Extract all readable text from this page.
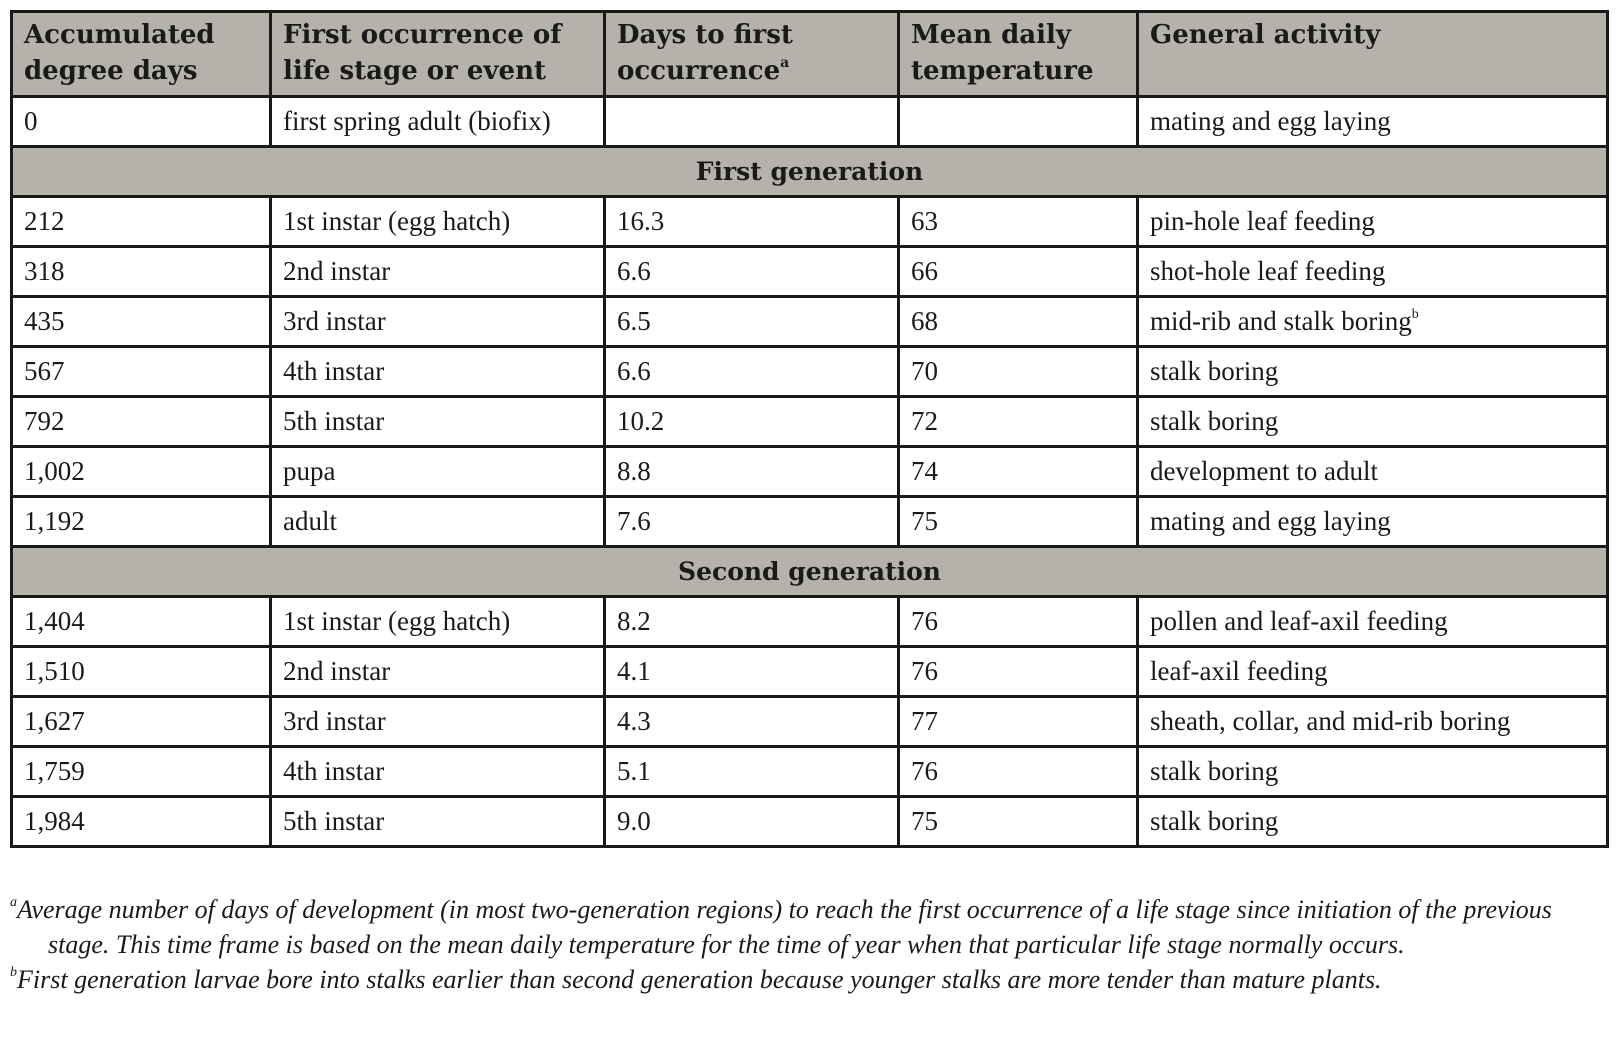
Accumulated degree days	First occurrence of life stage or event	Days to first occurrence$^a$	Mean daily temperature	General activity
0	first spring adult (biofix)			mating and egg laying
First generation				
212	1st instar (egg hatch)	16.3	63	pin-hole leaf feeding
318	2nd instar	6.6	66	shot-hole leaf feeding
435	3rd instar	6.5	68	mid-rib and stalk boring$^b$
567	4th instar	6.6	70	stalk boring
792	5th instar	10.2	72	stalk boring
1,002	pupa	8.8	74	development to adult
1,192	adult	7.6	75	mating and egg laying
Second generation				
1,404	1st instar (egg hatch)	8.2	76	pollen and leaf-axil feeding
1,510	2nd instar	4.1	76	leaf-axil feeding
1,627	3rd instar	4.3	77	sheath, collar, and mid-rib boring
1,759	4th instar	5.1	76	stalk boring
1,984	5th instar	9.0	75	stalk boring

$^a$Average number of days of development (in most two-generation regions) to reach the first occurrence of a life stage since initiation of the previous stage. This time frame is based on the mean daily temperature for the time of year when that particular life stage normally occurs.

$^b$First generation larvae bore into stalks earlier than second generation because younger stalks are more tender than mature plants.
